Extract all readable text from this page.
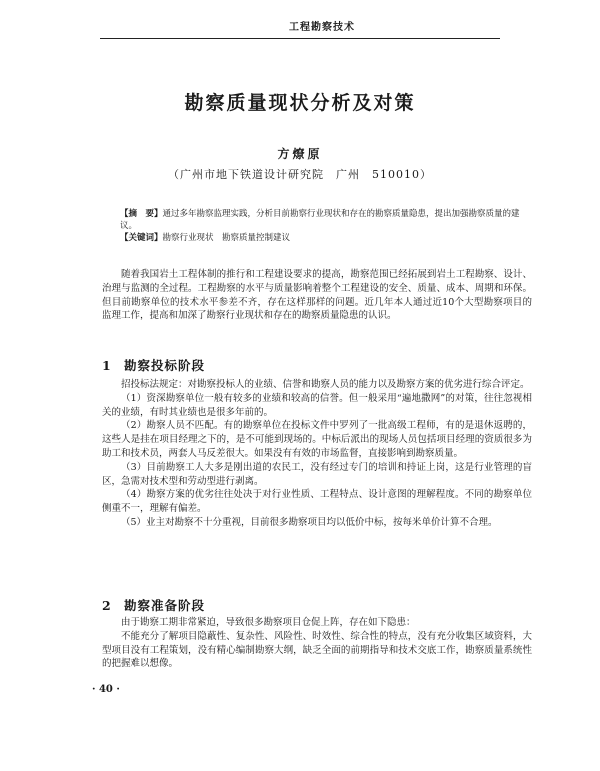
工程勘察技术
勘察质量现状分析及对策
方燎原
（广州市地下铁道设计研究院　广州　510010）

【摘　要】通过多年勘察监理实践，分析目前勘察行业现状和存在的勘察质量隐患，提出加强勘察质量的建议。

【关键词】勘察行业现状　勘察质量控制建议

随着我国岩土工程体制的推行和工程建设要求的提高，勘察范围已经拓展到岩土工程勘察、设计、治理与监测的全过程。工程勘察的水平与质量影响着整个工程建设的安全、质量、成本、周期和环保。但目前勘察单位的技术水平参差不齐，存在这样那样的问题。近几年本人通过近10个大型勘察项目的监理工作，提高和加深了勘察行业现状和存在的勘察质量隐患的认识。

1 勘察投标阶段

招投标法规定：对勘察投标人的业绩、信誉和勘察人员的能力以及勘察方案的优劣进行综合评定。

（1）资深勘察单位一般有较多的业绩和较高的信誉。但一般采用“遍地撒网”的对策，往往忽视相关的业绩，有时其业绩也是很多年前的。

（2）勘察人员不匹配。有的勘察单位在投标文件中罗列了一批高级工程师，有的是退休返聘的，这些人是挂在项目经理之下的，是不可能到现场的。中标后派出的现场人员包括项目经理的资质很多为助工和技术员，两套人马反差很大。如果没有有效的市场监督，直接影响到勘察质量。

（3）目前勘察工人大多是刚出道的农民工，没有经过专门的培训和持证上岗，这是行业管理的盲区，急需对技术型和劳动型进行剥离。

（4）勘察方案的优劣往往处决于对行业性质、工程特点、设计意图的理解程度。不同的勘察单位侧重不一，理解有偏差。

（5）业主对勘察不十分重视，目前很多勘察项目均以低价中标，按每米单价计算不合理。

2 勘察准备阶段

由于勘察工期非常紧迫，导致很多勘察项目仓促上阵，存在如下隐患：

不能充分了解项目隐蔽性、复杂性、风险性、时效性、综合性的特点，没有充分收集区域资料，大型项目没有工程策划，没有精心编制勘察大纲，缺乏全面的前期指导和技术交底工作，勘察质量系统性的把握难以想像。

· 40 ·
